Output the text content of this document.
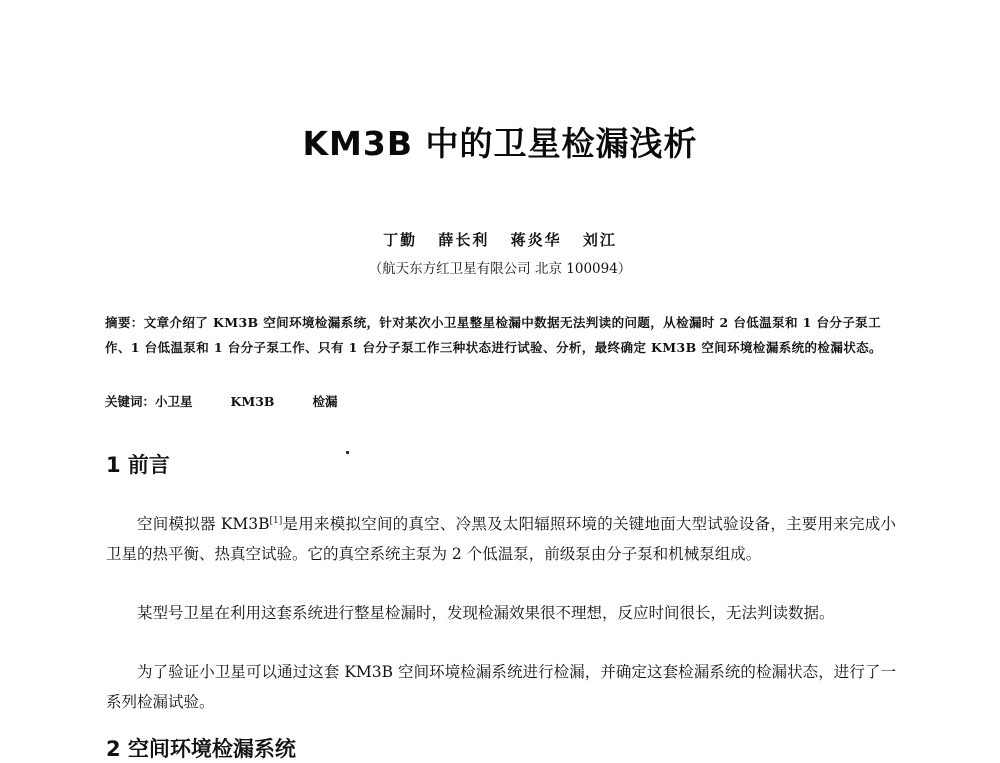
KM3B 中的卫星检漏浅析
丁勤 薛长利 蒋炎华 刘江
（航天东方红卫星有限公司 北京 100094）
摘要：文章介绍了 KM3B 空间环境检漏系统，针对某次小卫星整星检漏中数据无法判读的问题，从检漏时 2 台低温泵和 1 台分子泵工作、1 台低温泵和 1 台分子泵工作、只有 1 台分子泵工作三种状态进行试验、分析，最终确定 KM3B 空间环境检漏系统的检漏状态。
关键词：小卫星	KM3B	检漏
1 前言
空间模拟器 KM3B[1]是用来模拟空间的真空、冷黑及太阳辐照环境的关键地面大型试验设备，主要用来完成小卫星的热平衡、热真空试验。它的真空系统主泵为 2 个低温泵，前级泵由分子泵和机械泵组成。
某型号卫星在利用这套系统进行整星检漏时，发现检漏效果很不理想，反应时间很长，无法判读数据。
为了验证小卫星可以通过这套 KM3B 空间环境检漏系统进行检漏，并确定这套检漏系统的检漏状态，进行了一系列检漏试验。
2 空间环境检漏系统
